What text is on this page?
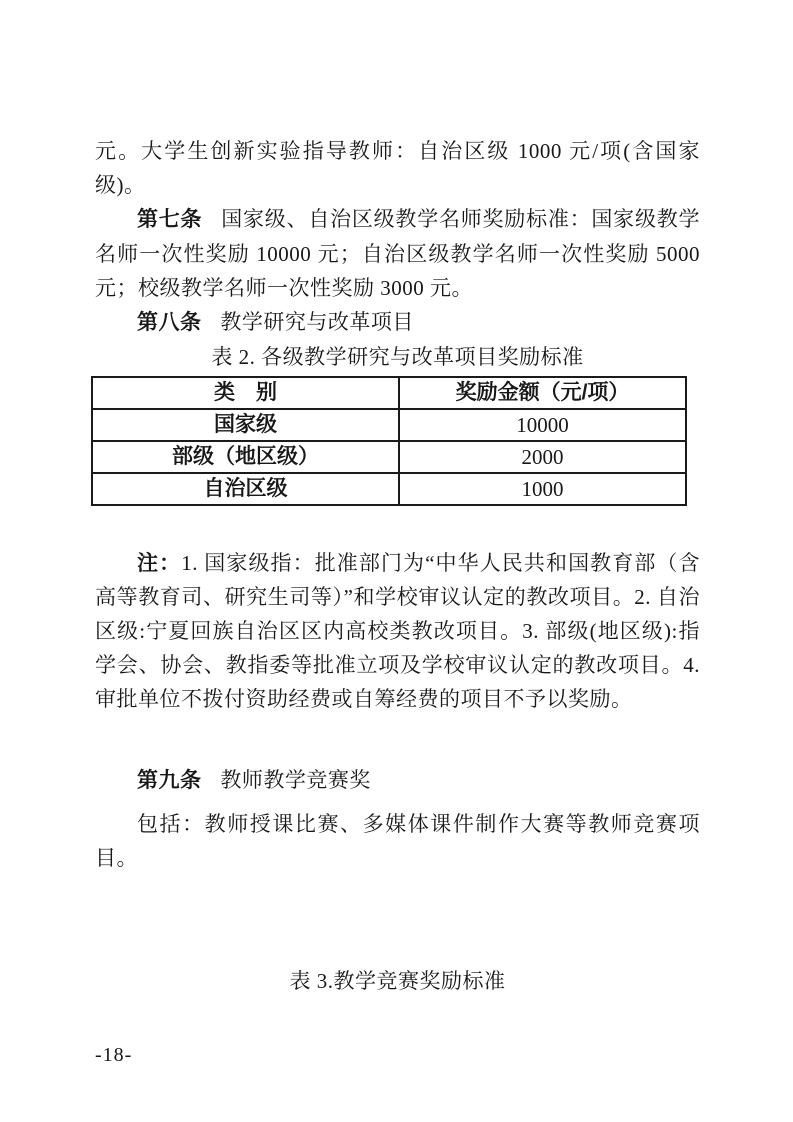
元。大学生创新实验指导教师：自治区级 1000 元/项(含国家级)。

第七条 国家级、自治区级教学名师奖励标准：国家级教学名师一次性奖励 10000 元；自治区级教学名师一次性奖励 5000 元；校级教学名师一次性奖励 3000 元。

第八条 教学研究与改革项目

表 2. 各级教学研究与改革项目奖励标准

类　别	奖励金额（元/项）
国家级	10000
部级（地区级）	2000
自治区级	1000

注：1. 国家级指：批准部门为“中华人民共和国教育部（含高等教育司、研究生司等）”和学校审议认定的教改项目。2. 自治区级:宁夏回族自治区区内高校类教改项目。3. 部级(地区级):指学会、协会、教指委等批准立项及学校审议认定的教改项目。4. 审批单位不拨付资助经费或自筹经费的项目不予以奖励。

第九条 教师教学竞赛奖

包括：教师授课比赛、多媒体课件制作大赛等教师竞赛项目。

表 3.教学竞赛奖励标准

-18-
